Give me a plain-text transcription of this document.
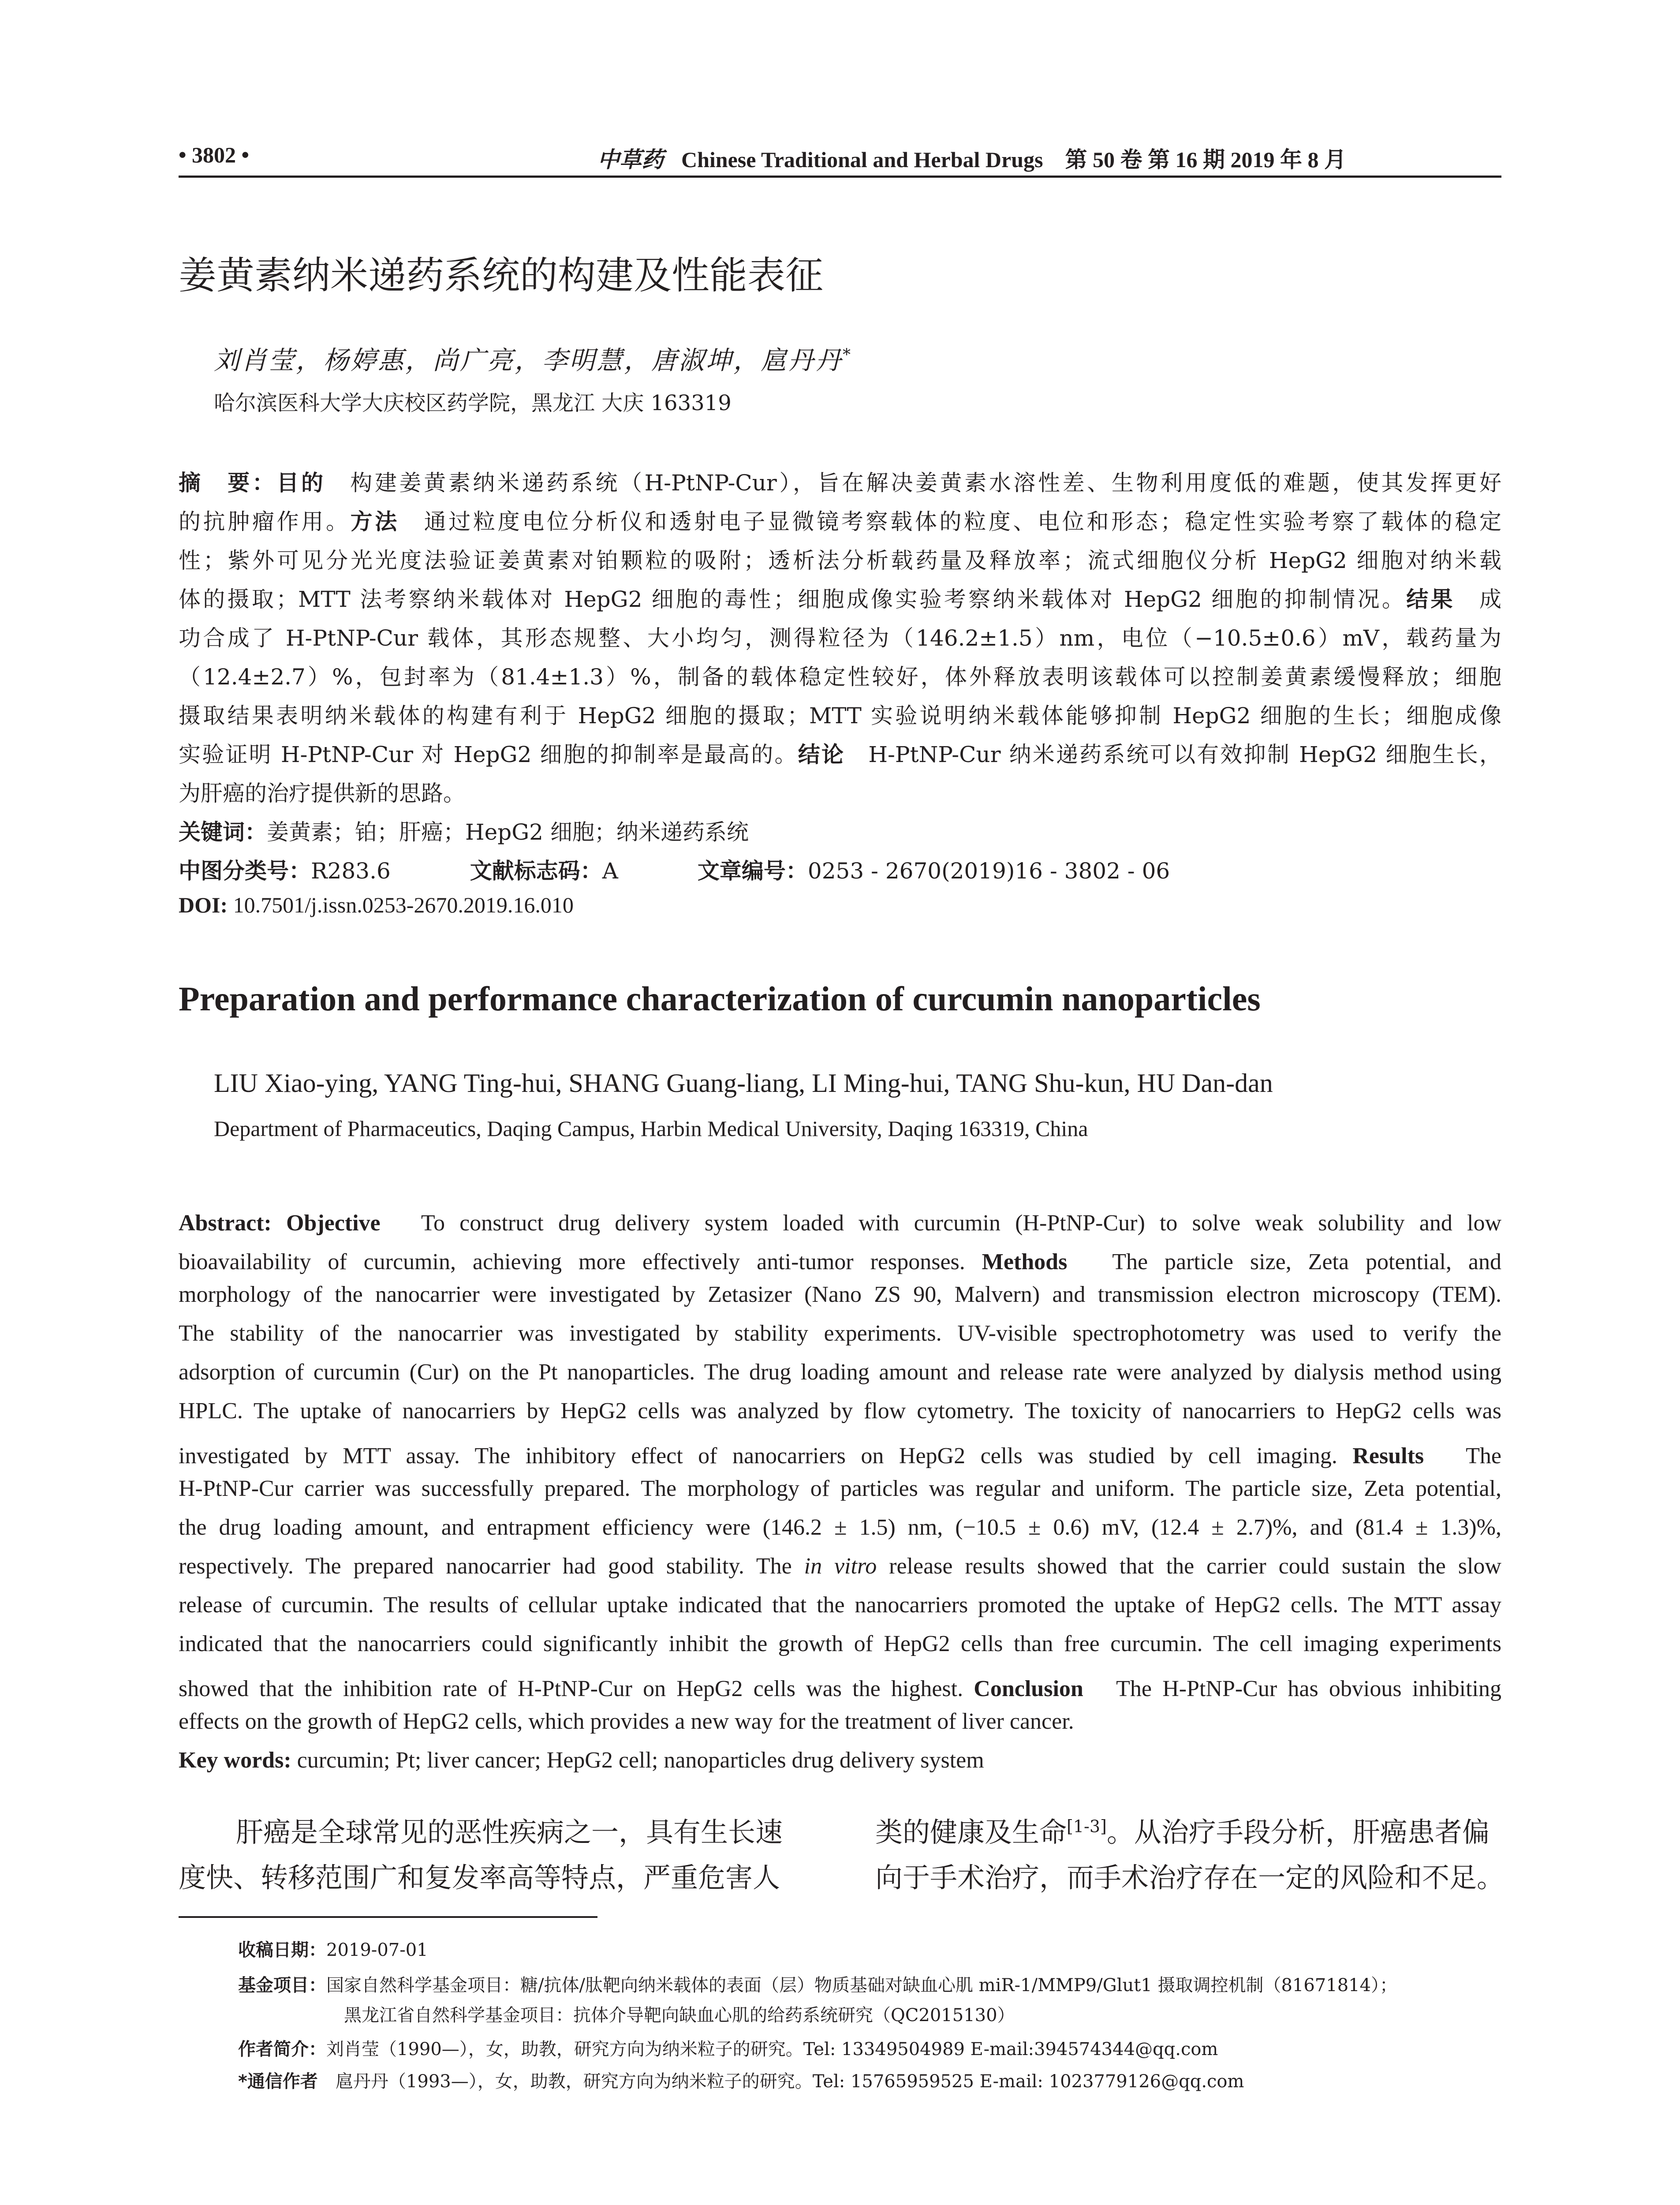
• 3802 •	中草药 Chinese Traditional and Herbal Drugs　第 50 卷 第 16 期 2019 年 8 月
姜黄素纳米递药系统的构建及性能表征
刘肖莹，杨婷惠，尚广亮，李明慧，唐淑坤，扈丹丹*
哈尔滨医科大学大庆校区药学院，黑龙江 大庆 163319
摘　要：目的　 构建姜黄素纳米递药系统（H-PtNP-Cur），旨在解决姜黄素水溶性差、生物利用度低的难题，使其发挥更好
的抗肿瘤作用。方法　 通过粒度电位分析仪和透射电子显微镜考察载体的粒度、电位和形态；稳定性实验考察了载体的稳定
性；紫外可见分光光度法验证姜黄素对铂颗粒的吸附；透析法分析载药量及释放率；流式细胞仪分析 HepG2 细胞对纳米载
体的摄取；MTT 法考察纳米载体对 HepG2 细胞的毒性；细胞成像实验考察纳米载体对 HepG2 细胞的抑制情况。结果　 成
功合成了 H-PtNP-Cur 载体，其形态规整、大小均匀，测得粒径为（146.2±1.5）nm，电位（−10.5±0.6）mV，载药量为
（12.4±2.7）%，包封率为（81.4±1.3）%，制备的载体稳定性较好，体外释放表明该载体可以控制姜黄素缓慢释放；细胞
摄取结果表明纳米载体的构建有利于 HepG2 细胞的摄取；MTT 实验说明纳米载体能够抑制 HepG2 细胞的生长；细胞成像
实验证明 H-PtNP-Cur 对 HepG2 细胞的抑制率是最高的。结论　 H-PtNP-Cur 纳米递药系统可以有效抑制 HepG2 细胞生长，
为肝癌的治疗提供新的思路。
关键词：姜黄素；铂；肝癌；HepG2 细胞；纳米递药系统
中图分类号：R283.6	文献标志码：A	文章编号：0253 - 2670(2019)16 - 3802 - 06
DOI: 10.7501/j.issn.0253-2670.2019.16.010
Preparation and performance characterization of curcumin nanoparticles
LIU Xiao-ying, YANG Ting-hui, SHANG Guang-liang, LI Ming-hui, TANG Shu-kun, HU Dan-dan
Department of Pharmaceutics, Daqing Campus, Harbin Medical University, Daqing 163319, China
Abstract: Objective　 To construct drug delivery system loaded with curcumin (H-PtNP-Cur) to solve weak solubility and low
bioavailability of curcumin, achieving more effectively anti-tumor responses. Methods　 The particle size, Zeta potential, and
morphology of the nanocarrier were investigated by Zetasizer (Nano ZS 90, Malvern) and transmission electron microscopy (TEM).
The stability of the nanocarrier was investigated by stability experiments. UV-visible spectrophotometry was used to verify the
adsorption of curcumin (Cur) on the Pt nanoparticles. The drug loading amount and release rate were analyzed by dialysis method using
HPLC. The uptake of nanocarriers by HepG2 cells was analyzed by flow cytometry. The toxicity of nanocarriers to HepG2 cells was
investigated by MTT assay. The inhibitory effect of nanocarriers on HepG2 cells was studied by cell imaging. Results　 The
H-PtNP-Cur carrier was successfully prepared. The morphology of particles was regular and uniform. The particle size, Zeta potential,
the drug loading amount, and entrapment efficiency were (146.2 ± 1.5) nm, (−10.5 ± 0.6) mV, (12.4 ± 2.7)%, and (81.4 ± 1.3)%,
respectively. The prepared nanocarrier had good stability. The in vitro release results showed that the carrier could sustain the slow
release of curcumin. The results of cellular uptake indicated that the nanocarriers promoted the uptake of HepG2 cells. The MTT assay
indicated that the nanocarriers could significantly inhibit the growth of HepG2 cells than free curcumin. The cell imaging experiments
showed that the inhibition rate of H-PtNP-Cur on HepG2 cells was the highest. Conclusion　 The H-PtNP-Cur has obvious inhibiting
effects on the growth of HepG2 cells, which provides a new way for the treatment of liver cancer.
Key words: curcumin; Pt; liver cancer; HepG2 cell; nanoparticles drug delivery system
肝癌是全球常见的恶性疾病之一，具有生长速
度快、转移范围广和复发率高等特点，严重危害人
类的健康及生命[1-3]。从治疗手段分析，肝癌患者偏
向于手术治疗，而手术治疗存在一定的风险和不足。
收稿日期：2019-07-01
基金项目：国家自然科学基金项目：糖/抗体/肽靶向纳米载体的表面（层）物质基础对缺血心肌 miR-1/MMP9/Glut1 摄取调控机制（81671814）；
黑龙江省自然科学基金项目：抗体介导靶向缺血心肌的给药系统研究（QC2015130）
作者简介：刘肖莹（1990—），女，助教，研究方向为纳米粒子的研究。Tel: 13349504989 E-mail:394574344@qq.com
*通信作者　 扈丹丹（1993—），女，助教，研究方向为纳米粒子的研究。Tel: 15765959525 E-mail: 1023779126@qq.com
